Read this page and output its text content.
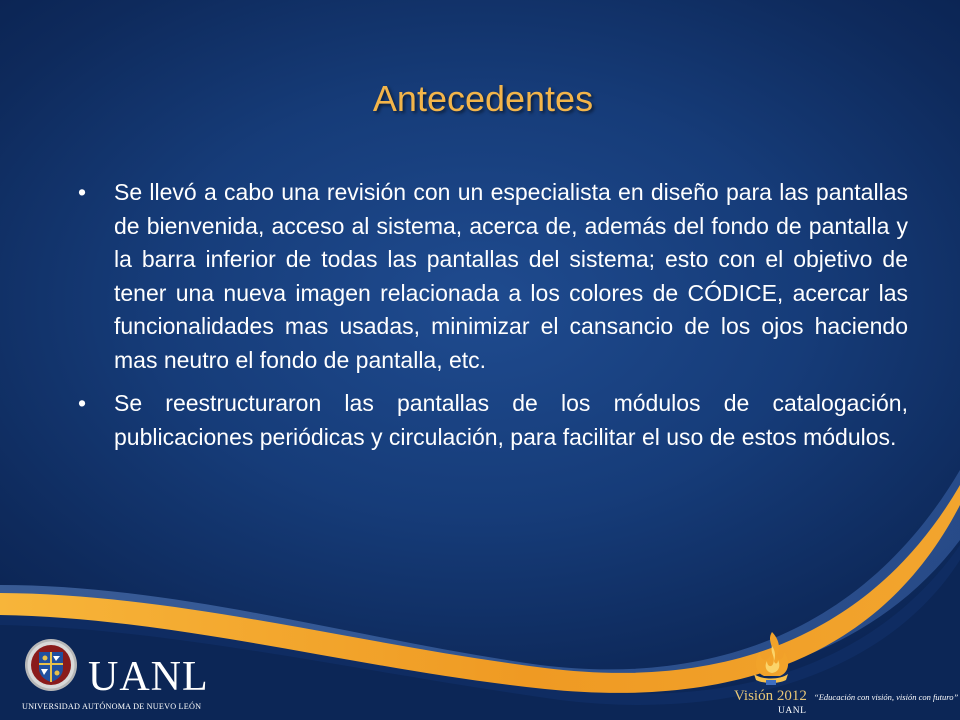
Antecedentes
• Se llevó a cabo una revisión con un especialista en diseño para las pantallas de bienvenida, acceso al sistema, acerca de, además del fondo de pantalla y la barra inferior de todas las pantallas del sistema; esto con el objetivo de tener una nueva imagen relacionada a los colores de CÓDICE, acercar las funcionalidades mas usadas, minimizar el cansancio de los ojos haciendo mas neutro el fondo de pantalla, etc.
• Se reestructuraron las pantallas de los módulos de catalogación, publicaciones periódicas y circulación, para facilitar el uso de estos módulos.
UANL
UNIVERSIDAD AUTÓNOMA DE NUEVO LEÓN
Visión 2012 “Educación con visión, visión con futuro”
UANL
